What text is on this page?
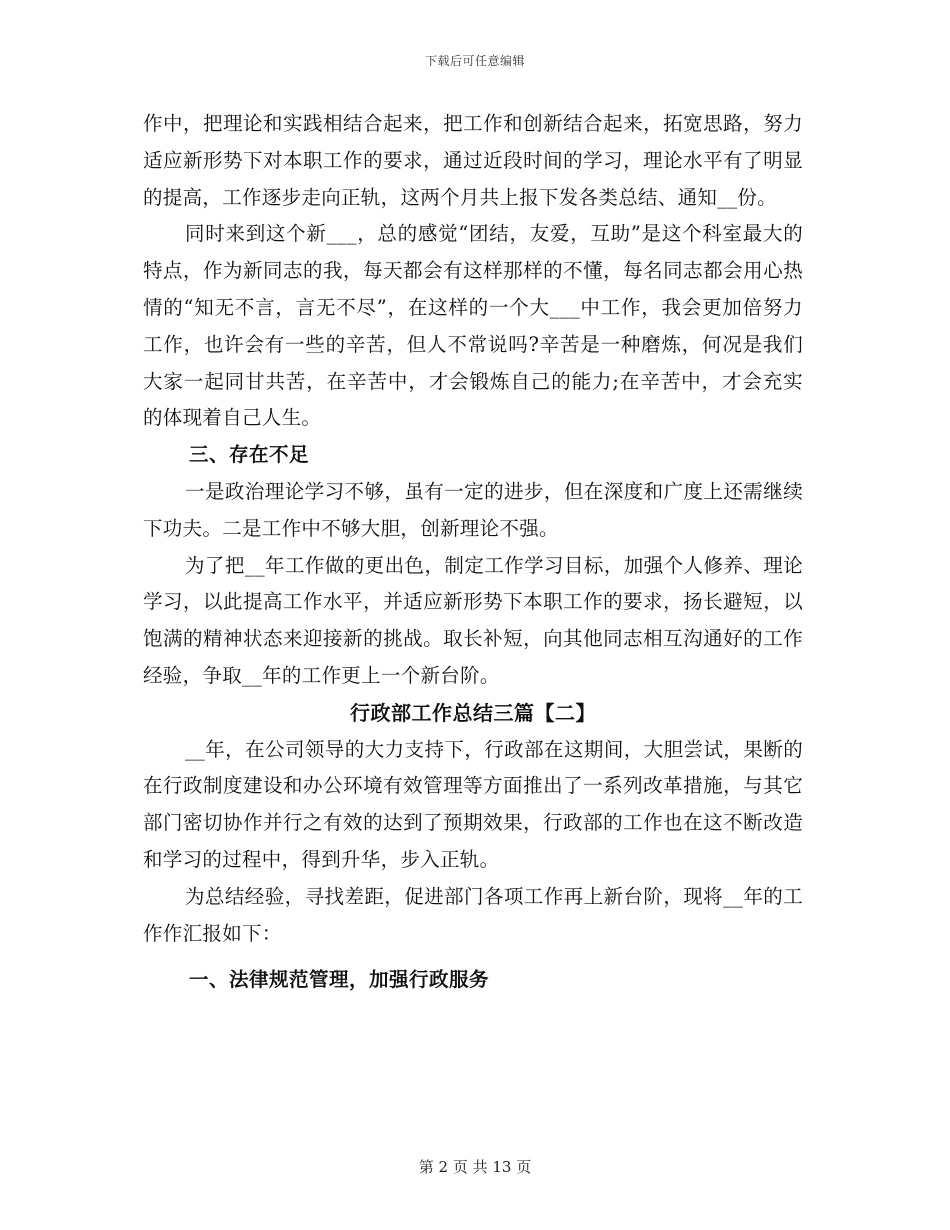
下载后可任意编辑

作中，把理论和实践相结合起来，把工作和创新结合起来，拓宽思路，努力适应新形势下对本职工作的要求，通过近段时间的学习，理论水平有了明显的提高，工作逐步走向正轨，这两个月共上报下发各类总结、通知__份。

同时来到这个新___，总的感觉“团结，友爱，互助”是这个科室最大的特点，作为新同志的我，每天都会有这样那样的不懂，每名同志都会用心热情的“知无不言，言无不尽”，在这样的一个大___中工作，我会更加倍努力工作，也许会有一些的辛苦，但人不常说吗?辛苦是一种磨炼，何况是我们大家一起同甘共苦，在辛苦中，才会锻炼自己的能力;在辛苦中，才会充实的体现着自己人生。

三、存在不足

一是政治理论学习不够，虽有一定的进步，但在深度和广度上还需继续下功夫。二是工作中不够大胆，创新理论不强。

为了把__年工作做的更出色，制定工作学习目标，加强个人修养、理论学习，以此提高工作水平，并适应新形势下本职工作的要求，扬长避短，以饱满的精神状态来迎接新的挑战。取长补短，向其他同志相互沟通好的工作经验，争取__年的工作更上一个新台阶。

行政部工作总结三篇【二】

__年，在公司领导的大力支持下，行政部在这期间，大胆尝试，果断的在行政制度建设和办公环境有效管理等方面推出了一系列改革措施，与其它部门密切协作并行之有效的达到了预期效果，行政部的工作也在这不断改造和学习的过程中，得到升华，步入正轨。

为总结经验，寻找差距，促进部门各项工作再上新台阶，现将__年的工作作汇报如下：

一、法律规范管理，加强行政服务

第 2 页 共 13 页
